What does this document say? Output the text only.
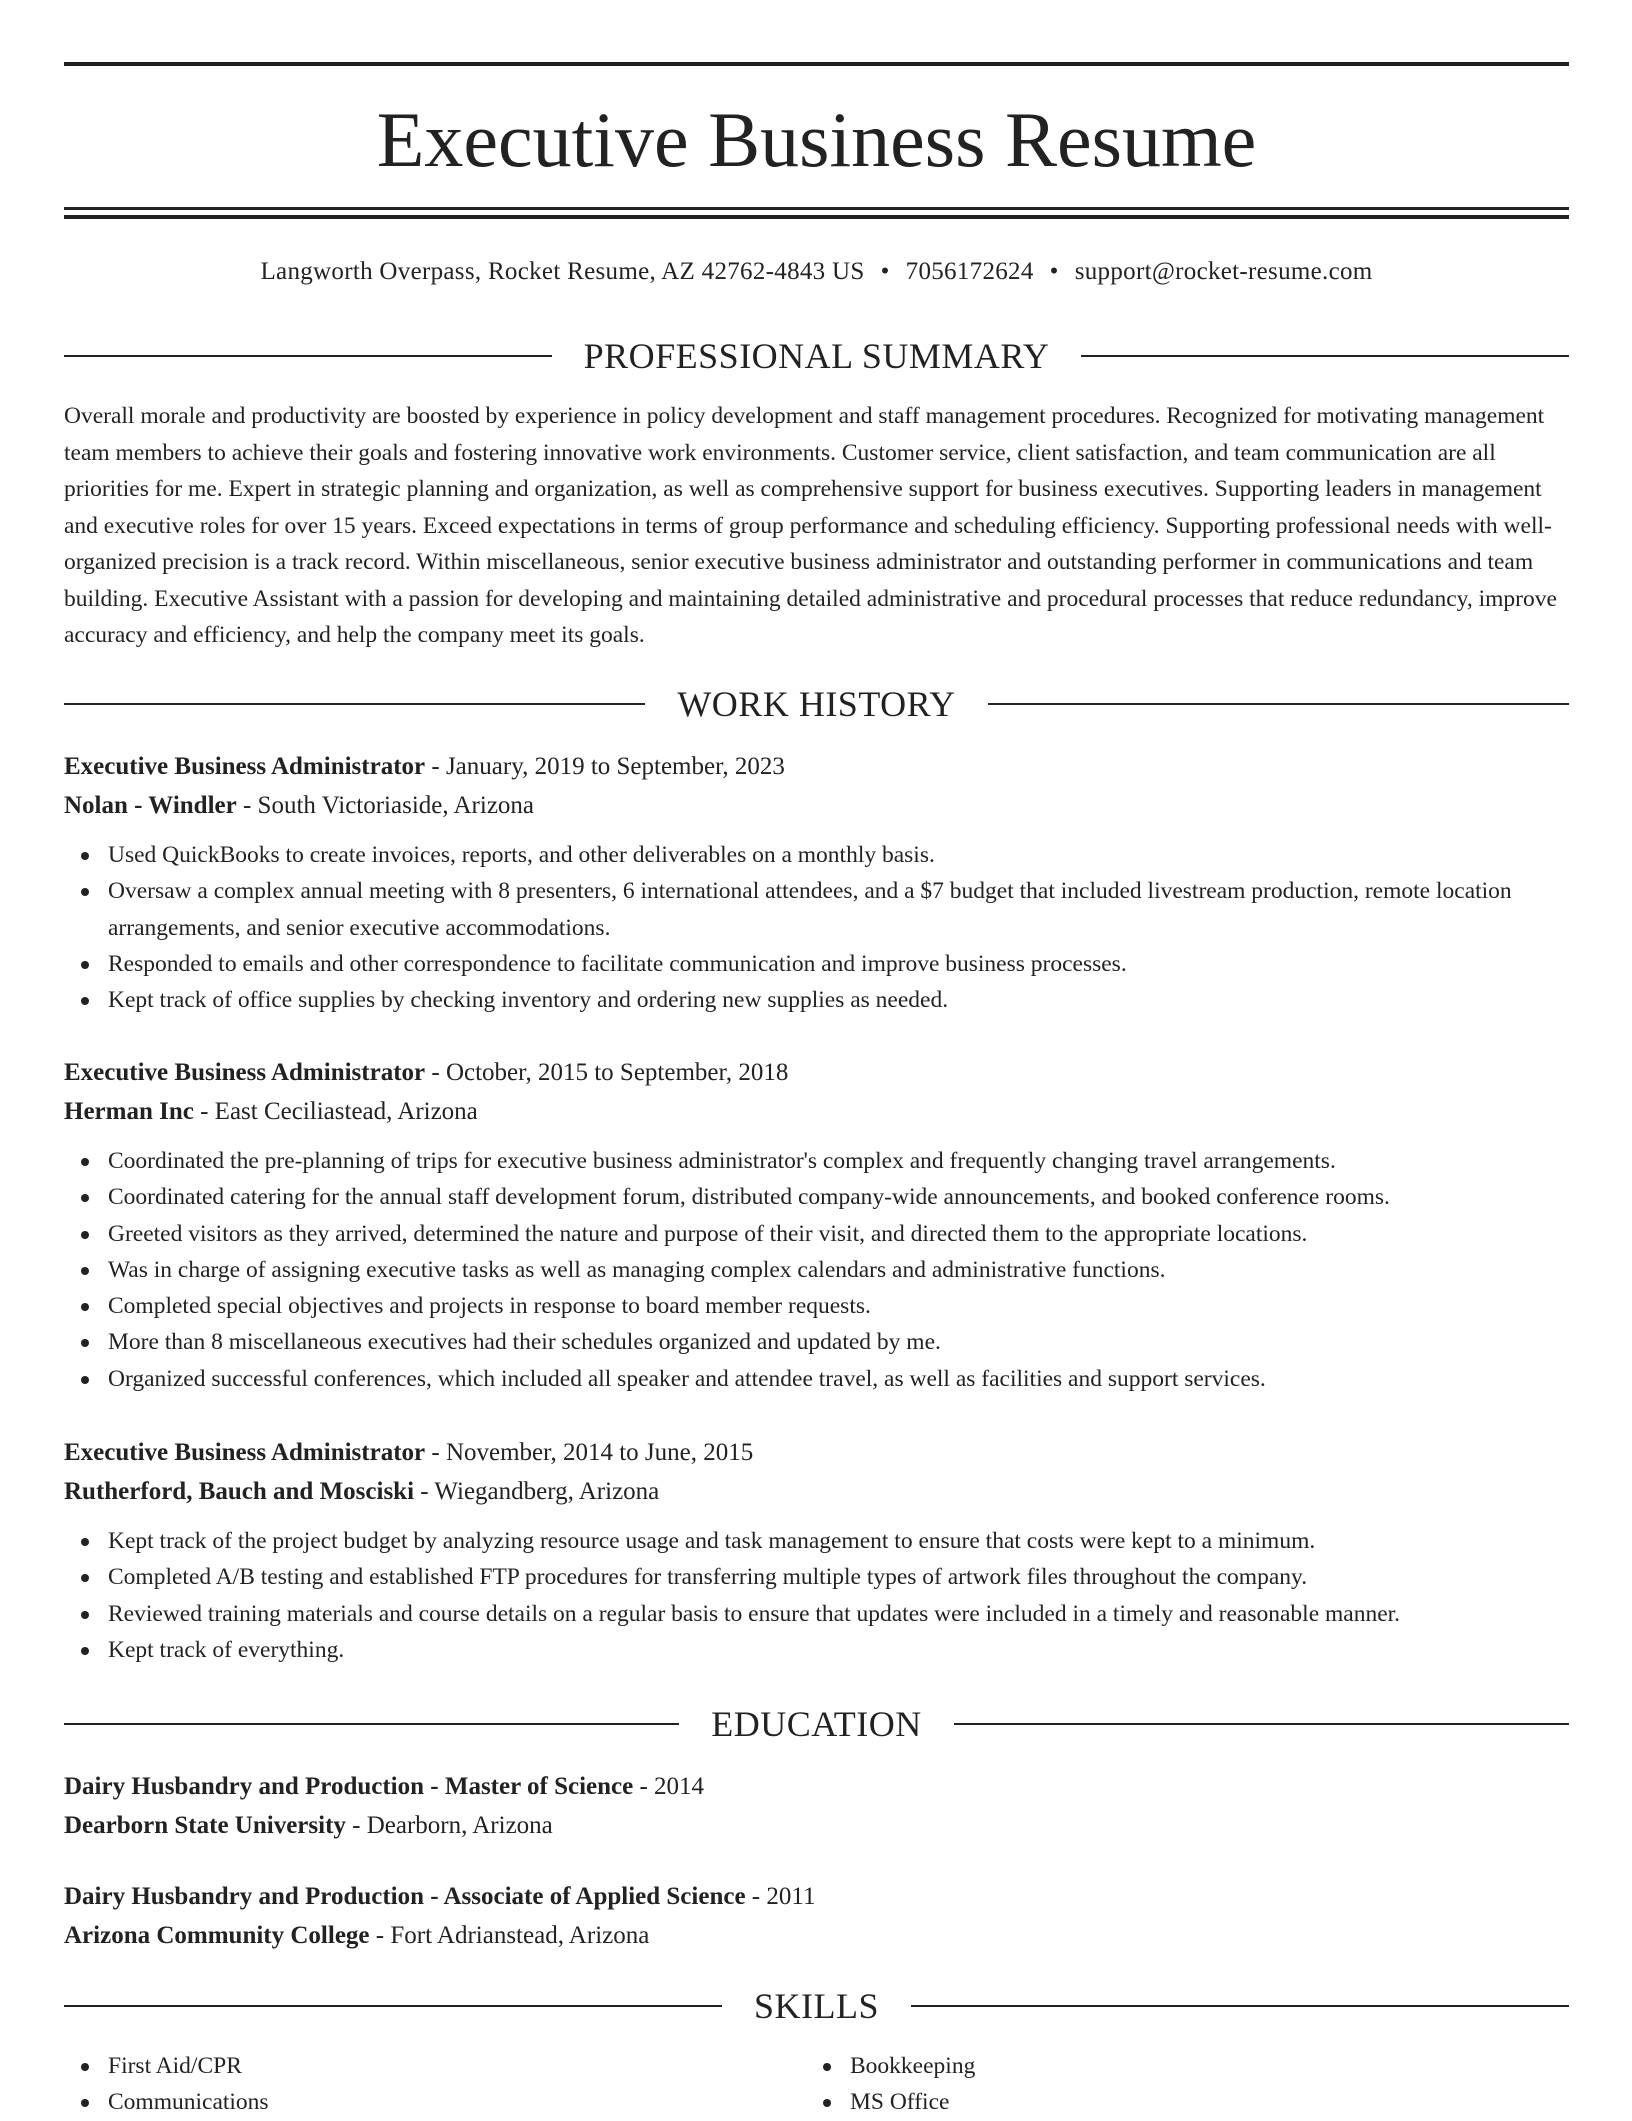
Executive Business Resume
Langworth Overpass, Rocket Resume, AZ 42762-4843 US • 7056172624 • support@rocket-resume.com
PROFESSIONAL SUMMARY

Overall morale and productivity are boosted by experience in policy development and staff management procedures. Recognized for motivating management team members to achieve their goals and fostering innovative work environments. Customer service, client satisfaction, and team communication are all priorities for me. Expert in strategic planning and organization, as well as comprehensive support for business executives. Supporting leaders in management and executive roles for over 15 years. Exceed expectations in terms of group performance and scheduling efficiency. Supporting professional needs with well-organized precision is a track record. Within miscellaneous, senior executive business administrator and outstanding performer in communications and team building. Executive Assistant with a passion for developing and maintaining detailed administrative and procedural processes that reduce redundancy, improve accuracy and efficiency, and help the company meet its goals.

WORK HISTORY
Executive Business Administrator - January, 2019 to September, 2023
Nolan - Windler - South Victoriaside, Arizona
Used QuickBooks to create invoices, reports, and other deliverables on a monthly basis.
Oversaw a complex annual meeting with 8 presenters, 6 international attendees, and a $7 budget that included livestream production, remote location arrangements, and senior executive accommodations.
Responded to emails and other correspondence to facilitate communication and improve business processes.
Kept track of office supplies by checking inventory and ordering new supplies as needed.
Executive Business Administrator - October, 2015 to September, 2018
Herman Inc - East Ceciliastead, Arizona
Coordinated the pre-planning of trips for executive business administrator's complex and frequently changing travel arrangements.
Coordinated catering for the annual staff development forum, distributed company-wide announcements, and booked conference rooms.
Greeted visitors as they arrived, determined the nature and purpose of their visit, and directed them to the appropriate locations.
Was in charge of assigning executive tasks as well as managing complex calendars and administrative functions.
Completed special objectives and projects in response to board member requests.
More than 8 miscellaneous executives had their schedules organized and updated by me.
Organized successful conferences, which included all speaker and attendee travel, as well as facilities and support services.
Executive Business Administrator - November, 2014 to June, 2015
Rutherford, Bauch and Mosciski - Wiegandberg, Arizona
Kept track of the project budget by analyzing resource usage and task management to ensure that costs were kept to a minimum.
Completed A/B testing and established FTP procedures for transferring multiple types of artwork files throughout the company.
Reviewed training materials and course details on a regular basis to ensure that updates were included in a timely and reasonable manner.
Kept track of everything.
EDUCATION
Dairy Husbandry and Production - Master of Science - 2014
Dearborn State University - Dearborn, Arizona
Dairy Husbandry and Production - Associate of Applied Science - 2011
Arizona Community College - Fort Adrianstead, Arizona
SKILLS
First Aid/CPR
Communications
Bookkeeping
MS Office
